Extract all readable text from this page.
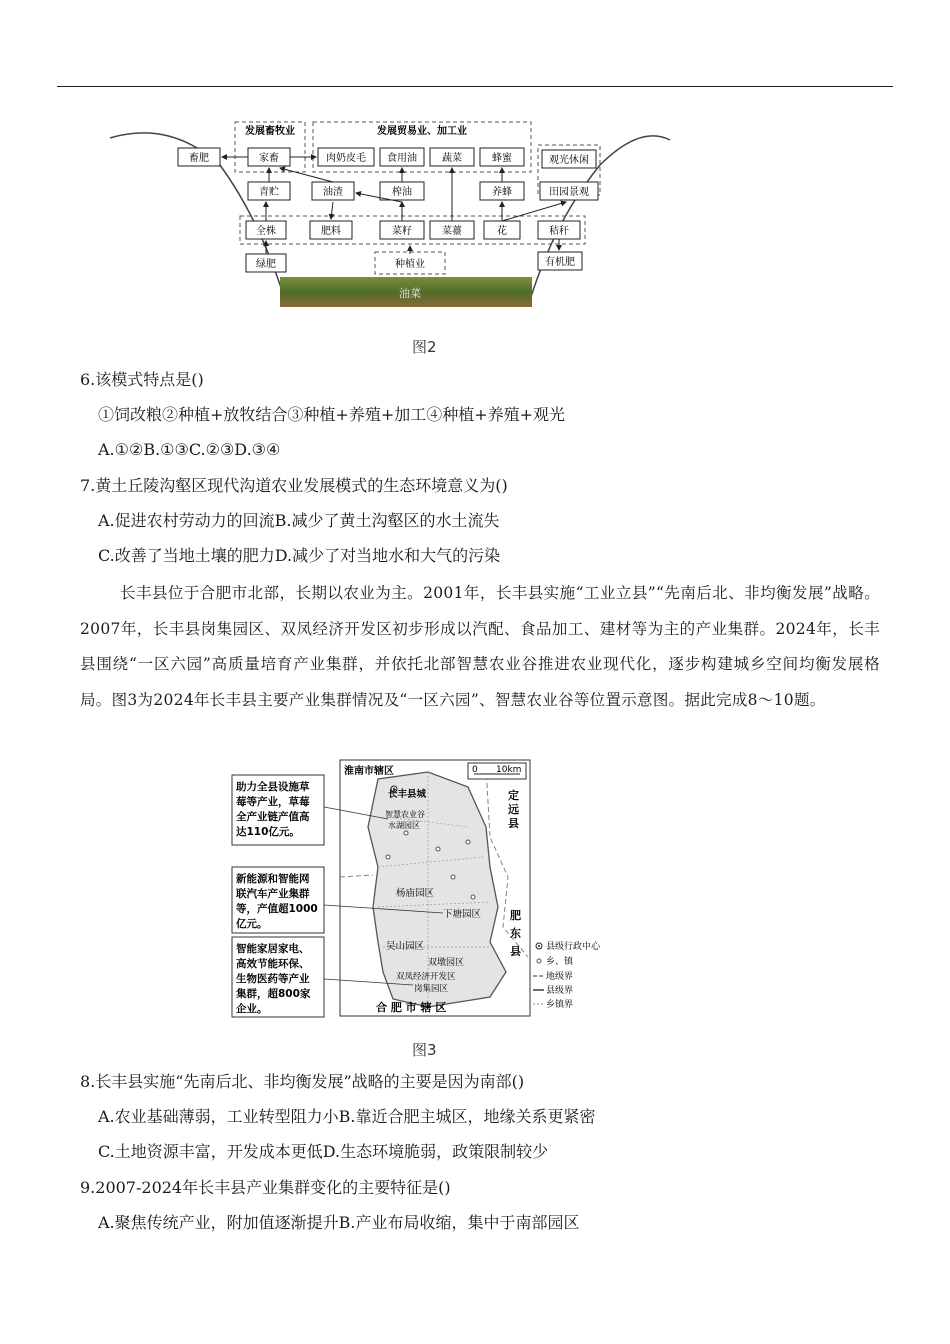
油菜
发展畜牧业	发展贸易业、加工业
畜肥	家畜	肉奶皮毛 食用油	蔬菜	蜂蜜	观光休闲
青贮	油渣	榨油	养蜂	田园景观
全株	肥料	菜籽	菜薹	花	秸秆
绿肥	种植业	有机肥
图2
6.该模式特点是()
①饲改粮②种植+放牧结合③种植+养殖+加工④种植+养殖+观光
A.①②B.①③C.②③D.③④
7.黄土丘陵沟壑区现代沟道农业发展模式的生态环境意义为()
A.促进农村劳动力的回流B.减少了黄土沟壑区的水土流失
C.改善了当地土壤的肥力D.减少了对当地水和大气的污染
长丰县位于合肥市北部，长期以农业为主。2001年，长丰县实施“工业立县”“先南后北、非均衡发展”战略。2007年，长丰县岗集园区、双凤经济开发区初步形成以汽配、食品加工、建材等为主的产业集群。2024年，长丰县围绕“一区六园”高质量培育产业集群，并依托北部智慧农业谷推进农业现代化，逐步构建城乡空间均衡发展格局。图3为2024年长丰县主要产业集群情况及“一区六园”、智慧农业谷等位置示意图。据此完成8～10题。
助力全县设施草 莓等产业，草莓 全产业链产值高 达110亿元。
新能源和智能网 联汽车产业集群 等，产值超1000 亿元。
智能家居家电、 高效节能环保、 生物医药等产业 集群，超800家 企业。
0 10km
淮南市辖区
长丰县城
智慧农业谷 水湖园区
定 远 县
肥 东 县
杨庙园区
下塘园区
吴山园区
双墩园区
双凤经济开发区
岗集园区
合 肥 市 辖 区
县级行政中心
乡、镇
地级界
县级界
乡镇界
图3
8.长丰县实施“先南后北、非均衡发展”战略的主要是因为南部()
A.农业基础薄弱，工业转型阻力小B.靠近合肥主城区，地缘关系更紧密
C.土地资源丰富，开发成本更低D.生态环境脆弱，政策限制较少
9.2007-2024年长丰县产业集群变化的主要特征是()
A.聚焦传统产业，附加值逐渐提升B.产业布局收缩，集中于南部园区
